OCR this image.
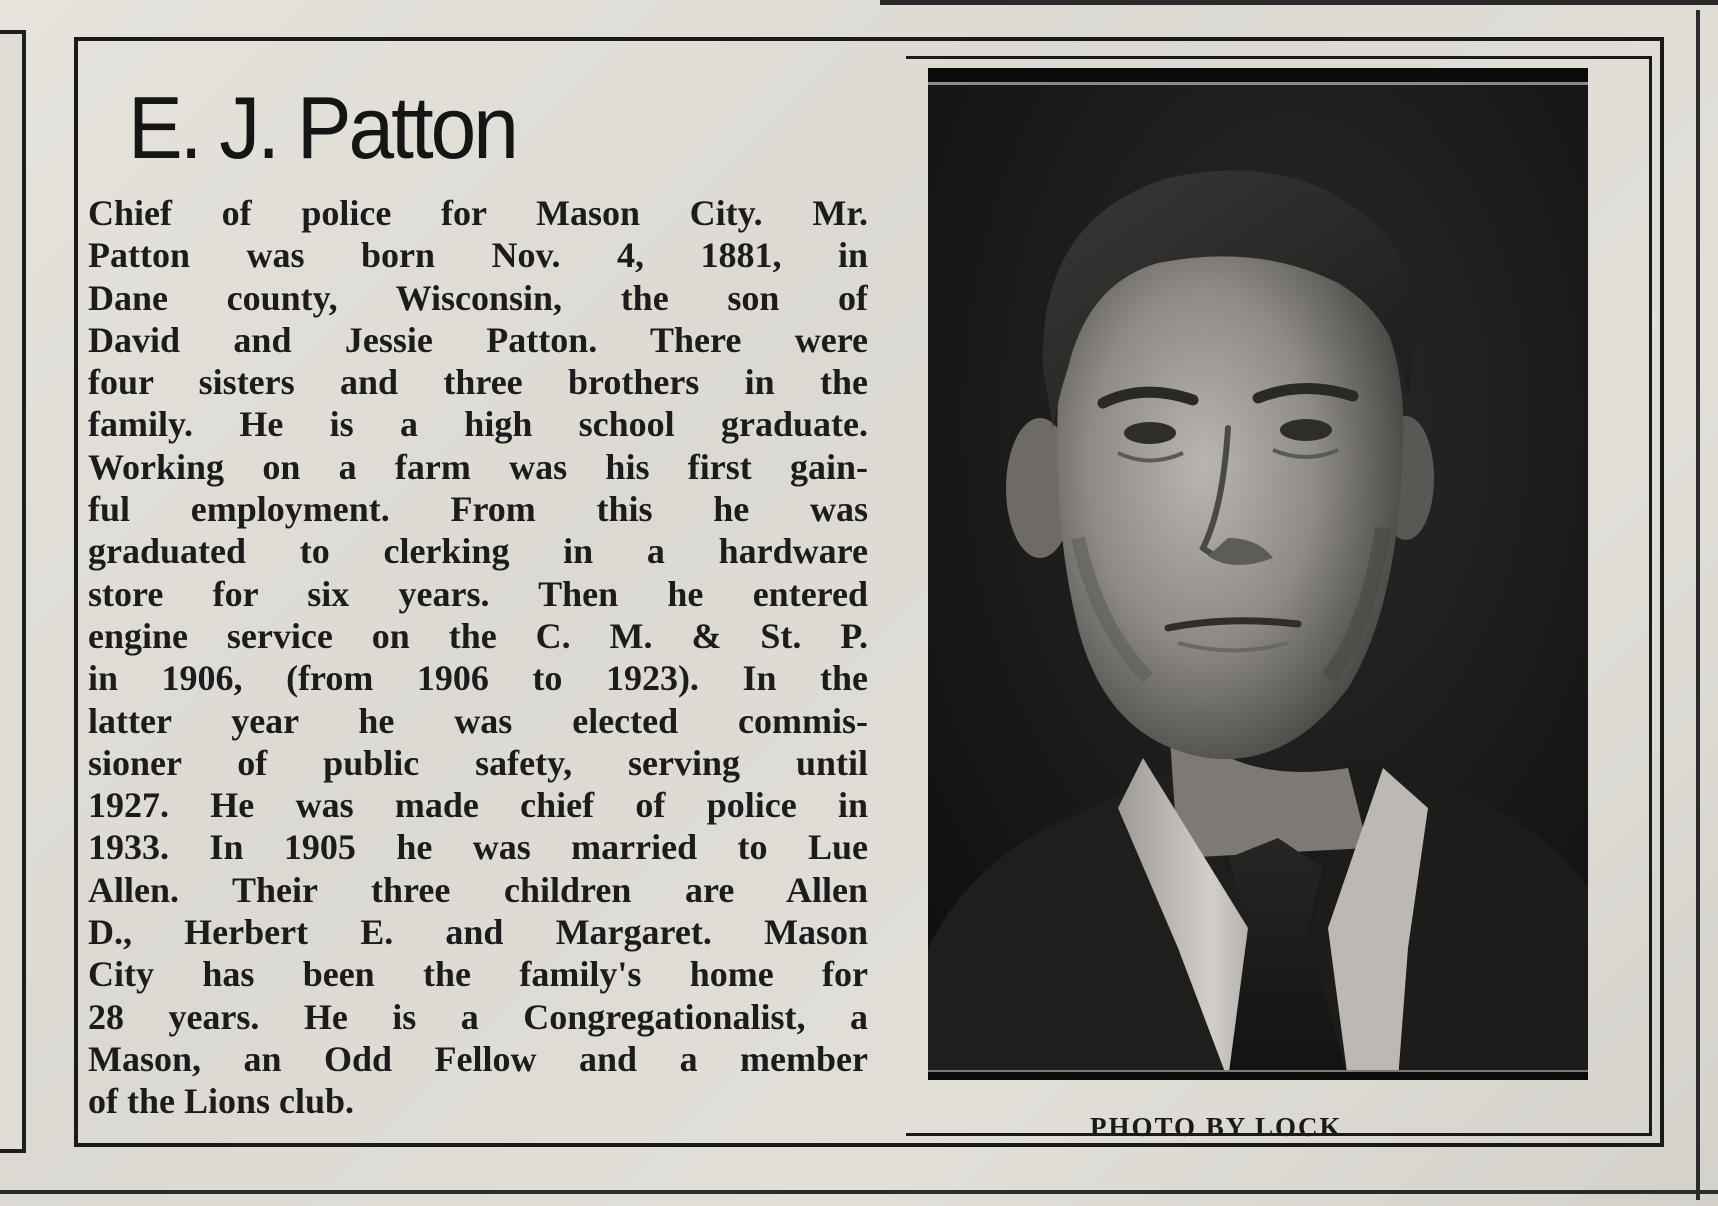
E. J. Patton
Chief of police for Mason City. Mr.
Patton was born Nov. 4, 1881, in
Dane county, Wisconsin, the son of
David and Jessie Patton. There were
four sisters and three brothers in the
family. He is a high school graduate.
Working on a farm was his first gain-
ful employment. From this he was
graduated to clerking in a hardware
store for six years. Then he entered
engine service on the C. M. & St. P.
in 1906, (from 1906 to 1923). In the
latter year he was elected commis-
sioner of public safety, serving until
1927. He was made chief of police in
1933. In 1905 he was married to Lue
Allen. Their three children are Allen
D., Herbert E. and Margaret. Mason
City has been the family's home for
28 years. He is a Congregationalist, a
Mason, an Odd Fellow and a member
of the Lions club.

PHOTO BY LOCK
